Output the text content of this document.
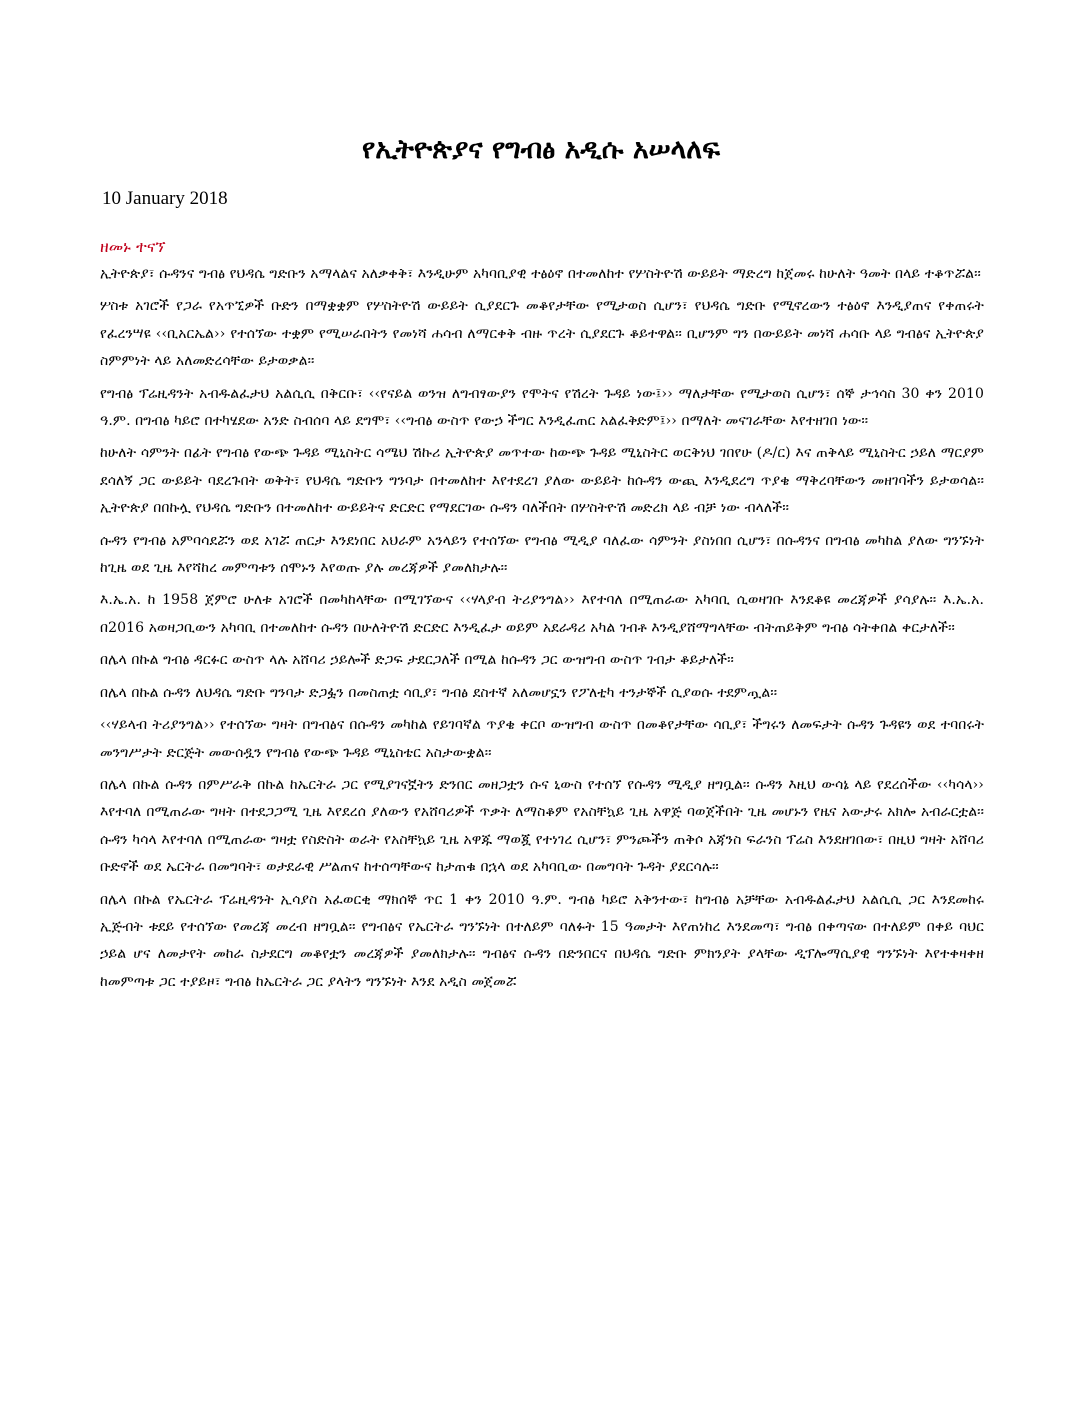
የኢትዮጵያና የግብፅ አዲሱ አሠላለፍ

10 January 2018

ዘመኑ ተናኘ

ኢትዮጵያ፣ ሱዳንና ግብፅ የህዳሴ ግድቡን አማላልና አለቃቀቅ፣ እንዲሁም አካባቢያዊ ተፅዕኖ በተመለከተ የሦስትዮሽ ውይይት ማድረግ ከጀመሩ ከሁለት ዓመት በላይ ተቆጥሯል፡፡

ሦስቱ አገሮች የጋራ የአጥኚዎች ቡድን በማቋቋም የሦስትዮሽ ውይይት ሲያደርጉ መቆየታቸው የሚታወስ ሲሆን፣ የህዳሴ ግድቡ የሚኖረውን ተፅዕኖ እንዲያጠና የቀጠሩት የፈረንሣዩ ‹‹ቢአርኤል›› የተሰኘው ተቋም የሚሠራበትን የመነሻ ሐሳብ ለማርቀቅ ብዙ ጥረት ሲያደርጉ ቆይተዋል፡፡ ቢሆንም ግን በውይይት መነሻ ሐሳቡ ላይ ግብፅና ኢትዮጵያ ስምምነት ላይ አለመድረሳቸው ይታወቃል፡፡

የግብፅ ፕሬዚዳንት አብዱልፈታህ አልሲሲ በቅርቡ፣ ‹‹የናይል ወንዝ ለግብፃውያን የሞትና የሽረት ጉዳይ ነው፤›› ማለታቸው የሚታወስ ሲሆን፣ ሰኞ ታኅሳስ 30 ቀን 2010 ዓ.ም. በግብፅ ካይሮ በተካሄደው አንድ ስብሰባ ላይ ደግሞ፣ ‹‹ግብፅ ውስጥ የውኃ ችግር እንዲፈጠር አልፈቅድም፤›› በማለት መናገራቸው እየተዘገበ ነው፡፡

ከሁለት ሳምንት በፊት የግብፅ የውጭ ጉዳይ ሚኒስትር ሳሜህ ሽኩሪ ኢትዮጵያ መጥተው ከውጭ ጉዳይ ሚኒስትር ወርቅነህ ገበየሁ (ዶ/ር) እና ጠቅላይ ሚኒስትር ኃይለ ማርያም ደሳለኝ ጋር ውይይት ባደረጉበት ወቅት፣ የህዳሴ ግድቡን ግንባታ በተመለከተ እየተደረገ ያለው ውይይት ከሱዳን ውጪ እንዲደረግ ጥያቄ ማቅረባቸውን መዘገባችን ይታወሳል፡፡ ኢትዮጵያ በበኩሏ የህዳሴ ግድቡን በተመለከተ ውይይትና ድርድር የማደርገው ሱዳን ባለችበት በሦስትዮሽ መድረክ ላይ ብቻ ነው ብላለች፡፡

ሱዳን የግብፅ አምባሳደሯን ወደ አገሯ ጠርታ እንደነበር አህራም አንላይን የተሰኘው የግብፅ ሚዲያ ባለፈው ሳምንት ያስነበበ ሲሆን፣ በሱዳንና በግብፅ መካከል ያለው ግንኙነት ከጊዜ ወደ ጊዜ እየሻከረ መምጣቱን ሰሞኑን እየወጡ ያሉ መረጃዎች ያመለክታሉ፡፡

እ.ኤ.አ. ከ 1958 ጀምሮ ሁለቱ አገሮች በመካከላቸው በሚገኘውና ‹‹ሃላያብ ትሪያንግል›› እየተባለ በሚጠራው አካባቢ ሲወዛገቡ እንደቆዩ መረጃዎች ያሳያሉ፡፡ እ.ኤ.አ. በ2016 አወዛጋቢውን አካባቢ በተመለከተ ሱዳን በሁለትዮሽ ድርድር እንዲፈታ ወይም አደራዳሪ አካል ገብቶ እንዲያሸማግላቸው ብትጠይቅም ግብፅ ሳትቀበል ቀርታለች፡፡

በሌላ በኩል ግብፅ ዳርፉር ውስጥ ላሉ አሸባሪ ኃይሎች ድጋፍ ታደርጋለች በሚል ከሱዳን ጋር ውዝግብ ውስጥ ገብታ ቆይታለች፡፡

በሌላ በኩል ሱዳን ለህዳሴ ግድቡ ግንባታ ድጋፏን በመስጠቷ ሳቢያ፣ ግብፅ ደስተኛ አለመሆኗን የፖለቲካ ተንታኞች ሲያወሱ ተደምጧል፡፡

‹‹ሃይላብ ትሪያንግል›› የተሰኘው ግዛት በግብፅና በሱዳን መካከል የይገባኛል ጥያቄ ቀርቦ ውዝግብ ውስጥ በመቆየታቸው ሳቢያ፣ ችግሩን ለመፍታት ሱዳን ጉዳዩን ወደ ተባበሩት መንግሥታት ድርጅት መውሰዷን የግብፅ የውጭ ጉዳይ ሚኒስቴር አስታውቋል፡፡

በሌላ በኩል ሱዳን በምሥራቅ በኩል ከኤርትራ ጋር የሚያገናኟትን ድንበር መዘጋቷን ሱና ኒውስ የተሰኘ የሱዳን ሚዲያ ዘግቧል፡፡ ሱዳን እዚህ ውሳኔ ላይ የደረሰችው ‹‹ካሳላ›› እየተባለ በሚጠራው ግዛት በተደጋጋሚ ጊዜ እየደረሰ ያለውን የአሸባሪዎች ጥቃት ለማስቆም የአስቸኳይ ጊዜ አዋጅ ባወጀችበት ጊዜ መሆኑን የዜና አውታሩ አክሎ አብራርቷል፡፡ ሱዳን ካሳላ እየተባለ በሚጠራው ግዛቷ የስድስት ወራት የአስቸኳይ ጊዜ አዋጁ ማወጇ የተነገረ ሲሆን፣ ምንጮችን ጠቅሶ አጃንስ ፍራንስ ፕሬስ እንደዘገበው፣ በዚህ ግዛት አሸባሪ ቡድኖች ወደ ኤርትራ በመግባት፣ ወታደራዊ ሥልጠና ከተሰጣቸውና ከታጠቁ በኋላ ወደ አካባቢው በመግባት ጉዳት ያደርሳሉ፡፡

በሌላ በኩል የኤርትራ ፕሬዚዳንት ኢሳያስ አፈወርቂ ማክሰኞ ጥር 1 ቀን 2010 ዓ.ም. ግብፅ ካይሮ አቅንተው፣ ከግብፅ አቻቸው አብዱልፈታህ አልሲሲ ጋር እንደመከሩ ኢጅብት ቱደይ የተሰኘው የመረጃ መረብ ዘግቧል፡፡ የግብፅና የኤርትራ ግንኙነት በተለይም ባለፉት 15 ዓመታት እየጠነከረ እንደመጣ፣ ግብፅ በቀጣናው በተለይም በቀይ ባህር ኃይል ሆና ለመታየት መከራ ስታደርግ መቆየቷን መረጃዎች ያመለክታሉ፡፡ ግብፅና ሱዳን በድንበርና በህዳሴ ግድቡ ምክንያት ያላቸው ዲፕሎማሲያዊ ግንኙነት እየተቀዛቀዘ ከመምጣቱ ጋር ተያይዞ፣ ግብፅ ከኤርትራ ጋር ያላትን ግንኙነት እንደ አዲስ መጀመሯ
